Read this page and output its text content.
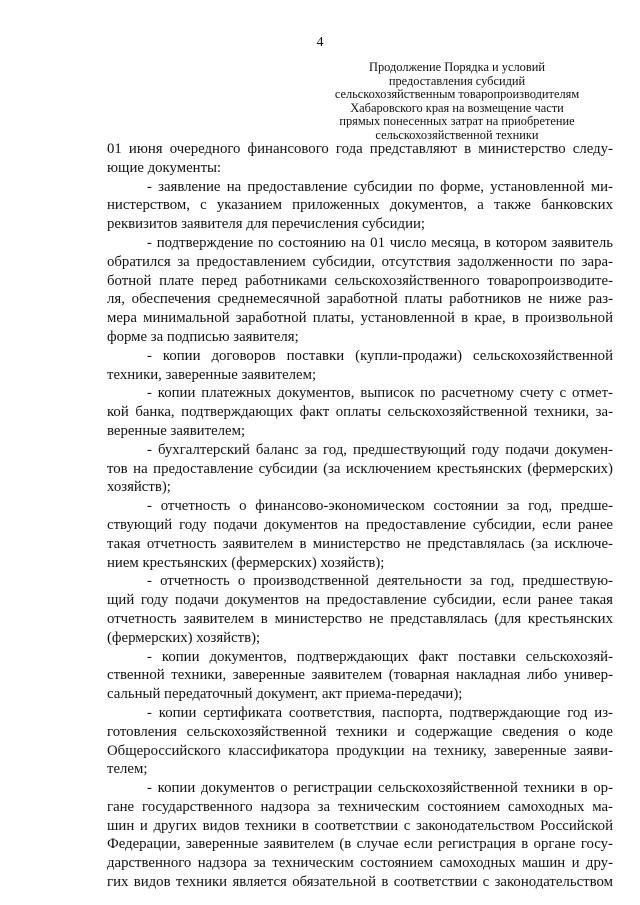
4
Продолжение Порядка и условий
предоставления субсидий
сельскохозяйственным товаропроизводителям
Хабаровского края на возмещение части
прямых понесенных затрат на приобретение
сельскохозяйственной техники
01 июня очередного финансового года представляют в министерство следу-
ющие документы:
- заявление на предоставление субсидии по форме, установленной ми-
нистерством, с указанием приложенных документов, а также банковских
реквизитов заявителя для перечисления субсидии;
- подтверждение по состоянию на 01 число месяца, в котором заявитель
обратился за предоставлением субсидии, отсутствия задолженности по зара-
ботной плате перед работниками сельскохозяйственного товаропроизводите-
ля, обеспечения среднемесячной заработной платы работников не ниже раз-
мера минимальной заработной платы, установленной в крае, в произвольной
форме за подписью заявителя;
- копии договоров поставки (купли-продажи) сельскохозяйственной
техники, заверенные заявителем;
- копии платежных документов, выписок по расчетному счету с отмет-
кой банка, подтверждающих факт оплаты сельскохозяйственной техники, за-
веренные заявителем;
- бухгалтерский баланс за год, предшествующий году подачи докумен-
тов на предоставление субсидии (за исключением крестьянских (фермерских)
хозяйств);
- отчетность о финансово-экономическом состоянии за год, предше-
ствующий году подачи документов на предоставление субсидии, если ранее
такая отчетность заявителем в министерство не представлялась (за исключе-
нием крестьянских (фермерских) хозяйств);
- отчетность о производственной деятельности за год, предшествую-
щий году подачи документов на предоставление субсидии, если ранее такая
отчетность заявителем в министерство не представлялась (для крестьянских
(фермерских) хозяйств);
- копии документов, подтверждающих факт поставки сельскохозяй-
ственной техники, заверенные заявителем (товарная накладная либо универ-
сальный передаточный документ, акт приема-передачи);
- копии сертификата соответствия, паспорта, подтверждающие год из-
готовления сельскохозяйственной техники и содержащие сведения о коде
Общероссийского классификатора продукции на технику, заверенные заяви-
телем;
- копии документов о регистрации сельскохозяйственной техники в ор-
гане государственного надзора за техническим состоянием самоходных ма-
шин и других видов техники в соответствии с законодательством Российской
Федерации, заверенные заявителем (в случае если регистрация в органе госу-
дарственного надзора за техническим состоянием самоходных машин и дру-
гих видов техники является обязательной в соответствии с законодательством
